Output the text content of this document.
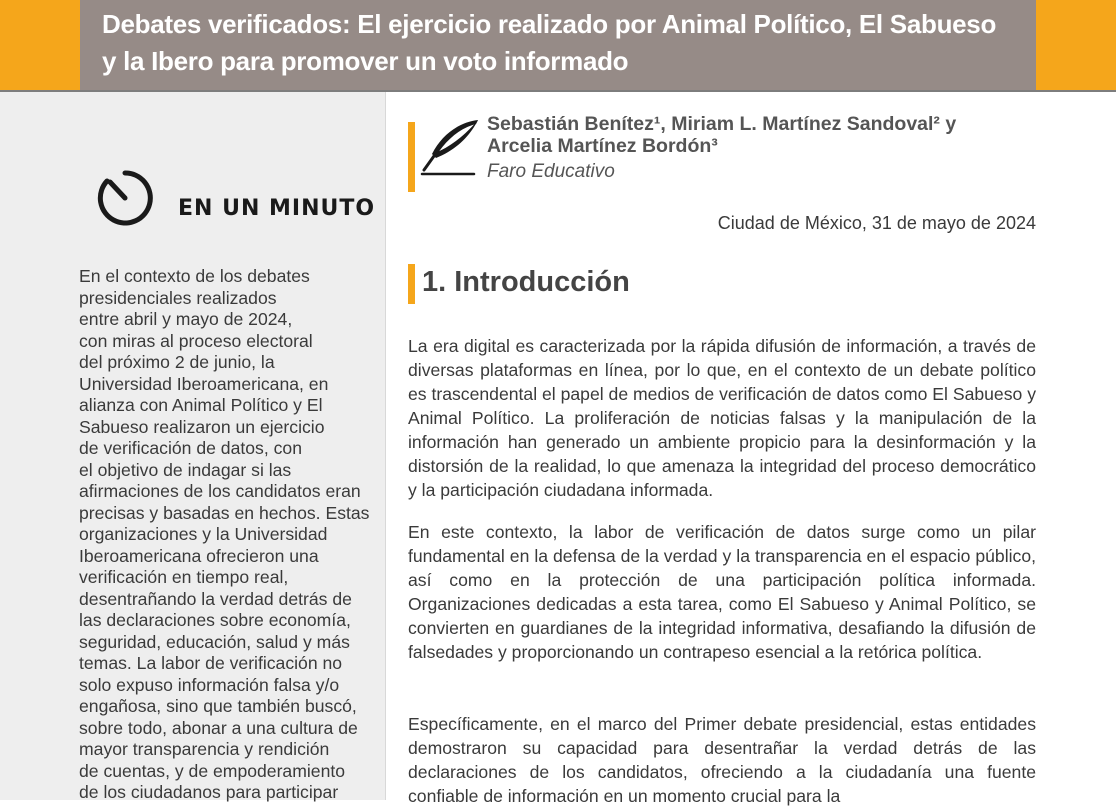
Debates verificados: El ejercicio realizado por Animal Político, El Sabueso y la Ibero para promover un voto informado
EN UN MINUTO
En el contexto de los debates
presidenciales realizados
entre abril y mayo de 2024,
con miras al proceso electoral
del próximo 2 de junio, la
Universidad Iberoamericana, en
alianza con Animal Político y El
Sabueso realizaron un ejercicio
de verificación de datos, con
el objetivo de indagar si las
afirmaciones de los candidatos eran
precisas y basadas en hechos. Estas
organizaciones y la Universidad
Iberoamericana ofrecieron una
verificación en tiempo real,
desentrañando la verdad detrás de
las declaraciones sobre economía,
seguridad, educación, salud y más
temas. La labor de verificación no
solo expuso información falsa y/o
engañosa, sino que también buscó,
sobre todo, abonar a una cultura de
mayor transparencia y rendición
de cuentas, y de empoderamiento
de los ciudadanos para participar

Sebastián Benítez¹, Miriam L. Martínez Sandoval² y
Arcelia Martínez Bordón³

Faro Educativo

Ciudad de México, 31 de mayo de 2024

1. Introducción

La era digital es caracterizada por la rápida difusión de información, a través de diversas plataformas en línea, por lo que, en el contexto de un debate político es trascendental el papel de medios de verificación de datos como El Sabueso y Animal Político. La proliferación de noticias falsas y la manipulación de la información han generado un ambiente propicio para la desinformación y la distorsión de la realidad, lo que amenaza la integridad del proceso democrático y la participación ciudadana informada.

En este contexto, la labor de verificación de datos surge como un pilar fundamental en la defensa de la verdad y la transparencia en el espacio público, así como en la protección de una participación política informada. Organizaciones dedicadas a esta tarea, como El Sabueso y Animal Político, se convierten en guardianes de la integridad informativa, desafiando la difusión de falsedades y proporcionando un contrapeso esencial a la retórica política.

Específicamente, en el marco del Primer debate presidencial, estas entidades demostraron su capacidad para desentrañar la verdad detrás de las declaraciones de los candidatos, ofreciendo a la ciudadanía una fuente confiable de información en un momento crucial para la
